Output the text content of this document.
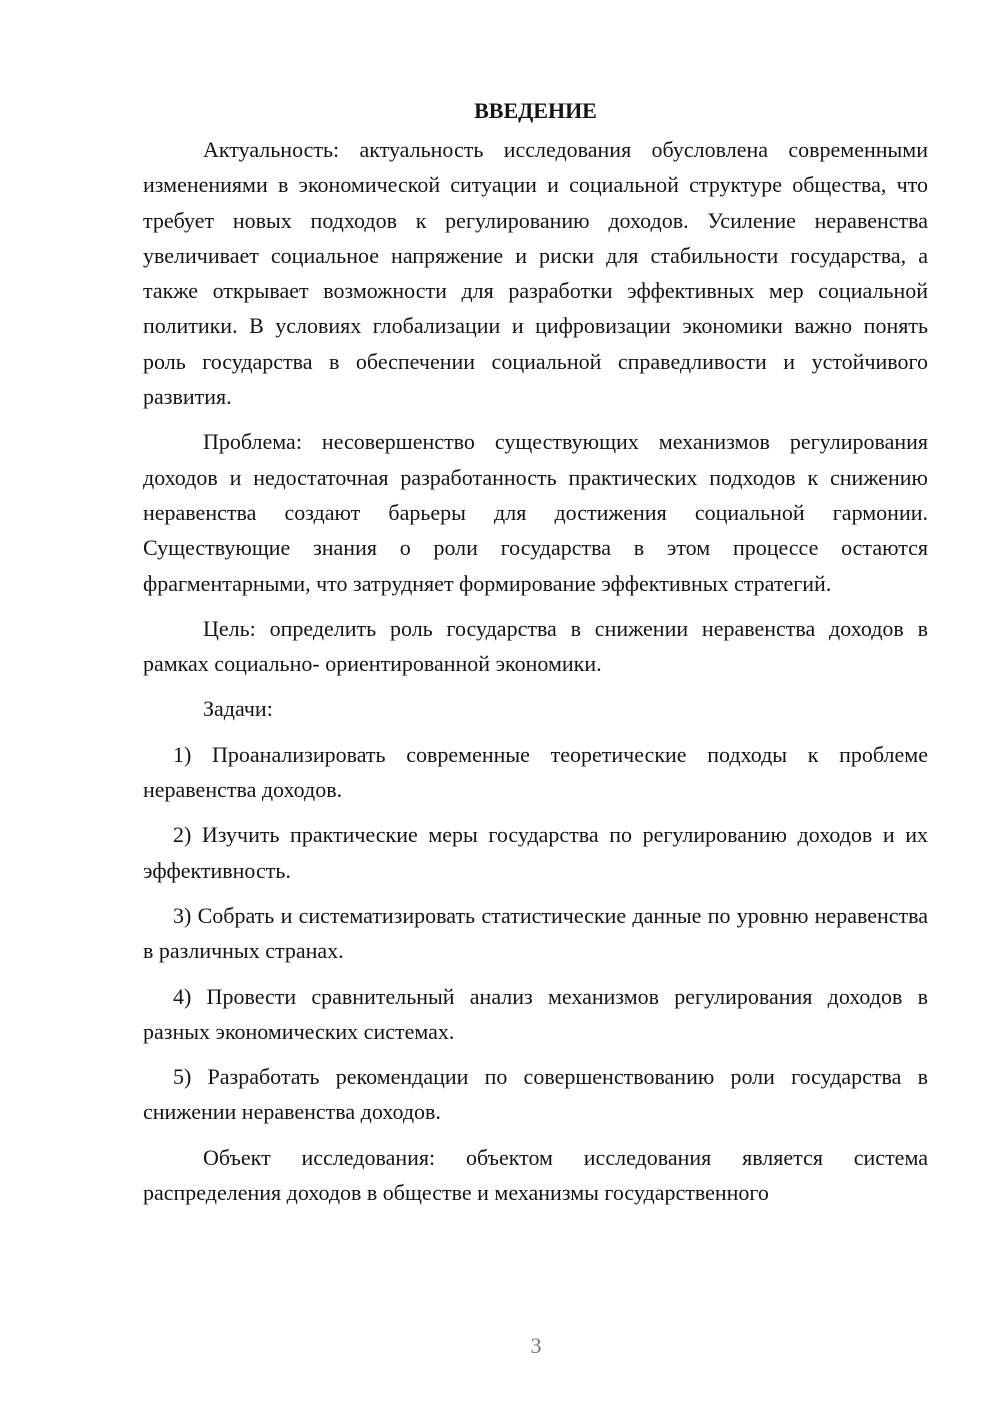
ВВЕДЕНИЕ

Актуальность: актуальность исследования обусловлена современными изменениями в экономической ситуации и социальной структуре общества, что требует новых подходов к регулированию доходов. Усиление неравенства увеличивает социальное напряжение и риски для стабильности государства, а также открывает возможности для разработки эффективных мер социальной политики. В условиях глобализации и цифровизации экономики важно понять роль государства в обеспечении социальной справедливости и устойчивого развития.

Проблема: несовершенство существующих механизмов регулирования доходов и недостаточная разработанность практических подходов к снижению неравенства создают барьеры для достижения социальной гармонии. Существующие знания о роли государства в этом процессе остаются фрагментарными, что затрудняет формирование эффективных стратегий.

Цель: определить роль государства в снижении неравенства доходов в рамках социально- ориентированной экономики.

Задачи:

1) Проанализировать современные теоретические подходы к проблеме неравенства доходов.

2) Изучить практические меры государства по регулированию доходов и их эффективность.

3) Собрать и систематизировать статистические данные по уровню неравенства в различных странах.

4) Провести сравнительный анализ механизмов регулирования доходов в разных экономических системах.

5) Разработать рекомендации по совершенствованию роли государства в снижении неравенства доходов.

Объект исследования: объектом исследования является система распределения доходов в обществе и механизмы государственного

3
